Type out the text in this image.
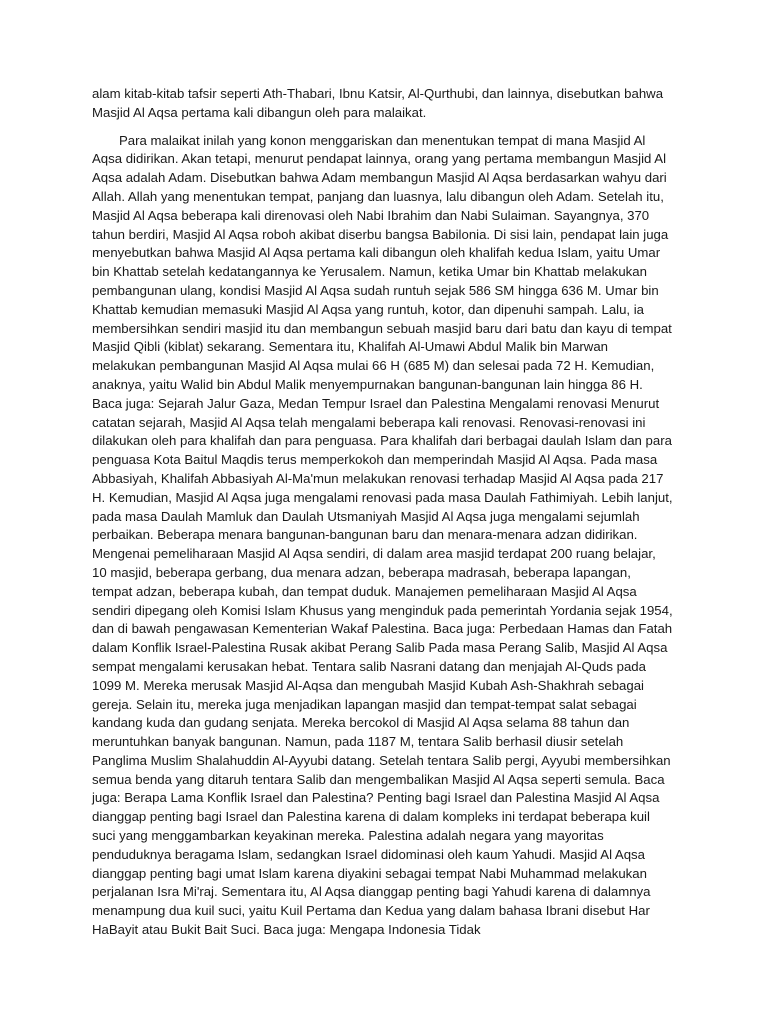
alam kitab-kitab tafsir seperti Ath-Thabari, Ibnu Katsir, Al-Qurthubi, dan lainnya, disebutkan bahwa Masjid Al Aqsa pertama kali dibangun oleh para malaikat.

Para malaikat inilah yang konon menggariskan dan menentukan tempat di mana Masjid Al Aqsa didirikan. Akan tetapi, menurut pendapat lainnya, orang yang pertama membangun Masjid Al Aqsa adalah Adam. Disebutkan bahwa Adam membangun Masjid Al Aqsa berdasarkan wahyu dari Allah. Allah yang menentukan tempat, panjang dan luasnya, lalu dibangun oleh Adam. Setelah itu, Masjid Al Aqsa beberapa kali direnovasi oleh Nabi Ibrahim dan Nabi Sulaiman. Sayangnya, 370 tahun berdiri, Masjid Al Aqsa roboh akibat diserbu bangsa Babilonia. Di sisi lain, pendapat lain juga menyebutkan bahwa Masjid Al Aqsa pertama kali dibangun oleh khalifah kedua Islam, yaitu Umar bin Khattab setelah kedatangannya ke Yerusalem. Namun, ketika Umar bin Khattab melakukan pembangunan ulang, kondisi Masjid Al Aqsa sudah runtuh sejak 586 SM hingga 636 M. Umar bin Khattab kemudian memasuki Masjid Al Aqsa yang runtuh, kotor, dan dipenuhi sampah. Lalu, ia membersihkan sendiri masjid itu dan membangun sebuah masjid baru dari batu dan kayu di tempat Masjid Qibli (kiblat) sekarang. Sementara itu, Khalifah Al-Umawi Abdul Malik bin Marwan melakukan pembangunan Masjid Al Aqsa mulai 66 H (685 M) dan selesai pada 72 H. Kemudian, anaknya, yaitu Walid bin Abdul Malik menyempurnakan bangunan-bangunan lain hingga 86 H. Baca juga: Sejarah Jalur Gaza, Medan Tempur Israel dan Palestina Mengalami renovasi Menurut catatan sejarah, Masjid Al Aqsa telah mengalami beberapa kali renovasi. Renovasi-renovasi ini dilakukan oleh para khalifah dan para penguasa. Para khalifah dari berbagai daulah Islam dan para penguasa Kota Baitul Maqdis terus memperkokoh dan memperindah Masjid Al Aqsa. Pada masa Abbasiyah, Khalifah Abbasiyah Al-Ma'mun melakukan renovasi terhadap Masjid Al Aqsa pada 217 H. Kemudian, Masjid Al Aqsa juga mengalami renovasi pada masa Daulah Fathimiyah. Lebih lanjut, pada masa Daulah Mamluk dan Daulah Utsmaniyah Masjid Al Aqsa juga mengalami sejumlah perbaikan. Beberapa menara bangunan-bangunan baru dan menara-menara adzan didirikan. Mengenai pemeliharaan Masjid Al Aqsa sendiri, di dalam area masjid terdapat 200 ruang belajar, 10 masjid, beberapa gerbang, dua menara adzan, beberapa madrasah, beberapa lapangan, tempat adzan, beberapa kubah, dan tempat duduk. Manajemen pemeliharaan Masjid Al Aqsa sendiri dipegang oleh Komisi Islam Khusus yang menginduk pada pemerintah Yordania sejak 1954, dan di bawah pengawasan Kementerian Wakaf Palestina. Baca juga: Perbedaan Hamas dan Fatah dalam Konflik Israel-Palestina Rusak akibat Perang Salib Pada masa Perang Salib, Masjid Al Aqsa sempat mengalami kerusakan hebat. Tentara salib Nasrani datang dan menjajah Al-Quds pada 1099 M. Mereka merusak Masjid Al-Aqsa dan mengubah Masjid Kubah Ash-Shakhrah sebagai gereja. Selain itu, mereka juga menjadikan lapangan masjid dan tempat-tempat salat sebagai kandang kuda dan gudang senjata. Mereka bercokol di Masjid Al Aqsa selama 88 tahun dan meruntuhkan banyak bangunan. Namun, pada 1187 M, tentara Salib berhasil diusir setelah Panglima Muslim Shalahuddin Al-Ayyubi datang. Setelah tentara Salib pergi, Ayyubi membersihkan semua benda yang ditaruh tentara Salib dan mengembalikan Masjid Al Aqsa seperti semula. Baca juga: Berapa Lama Konflik Israel dan Palestina? Penting bagi Israel dan Palestina Masjid Al Aqsa dianggap penting bagi Israel dan Palestina karena di dalam kompleks ini terdapat beberapa kuil suci yang menggambarkan keyakinan mereka. Palestina adalah negara yang mayoritas penduduknya beragama Islam, sedangkan Israel didominasi oleh kaum Yahudi. Masjid Al Aqsa dianggap penting bagi umat Islam karena diyakini sebagai tempat Nabi Muhammad melakukan perjalanan Isra Mi'raj. Sementara itu, Al Aqsa dianggap penting bagi Yahudi karena di dalamnya menampung dua kuil suci, yaitu Kuil Pertama dan Kedua yang dalam bahasa Ibrani disebut Har HaBayit atau Bukit Bait Suci. Baca juga: Mengapa Indonesia Tidak
